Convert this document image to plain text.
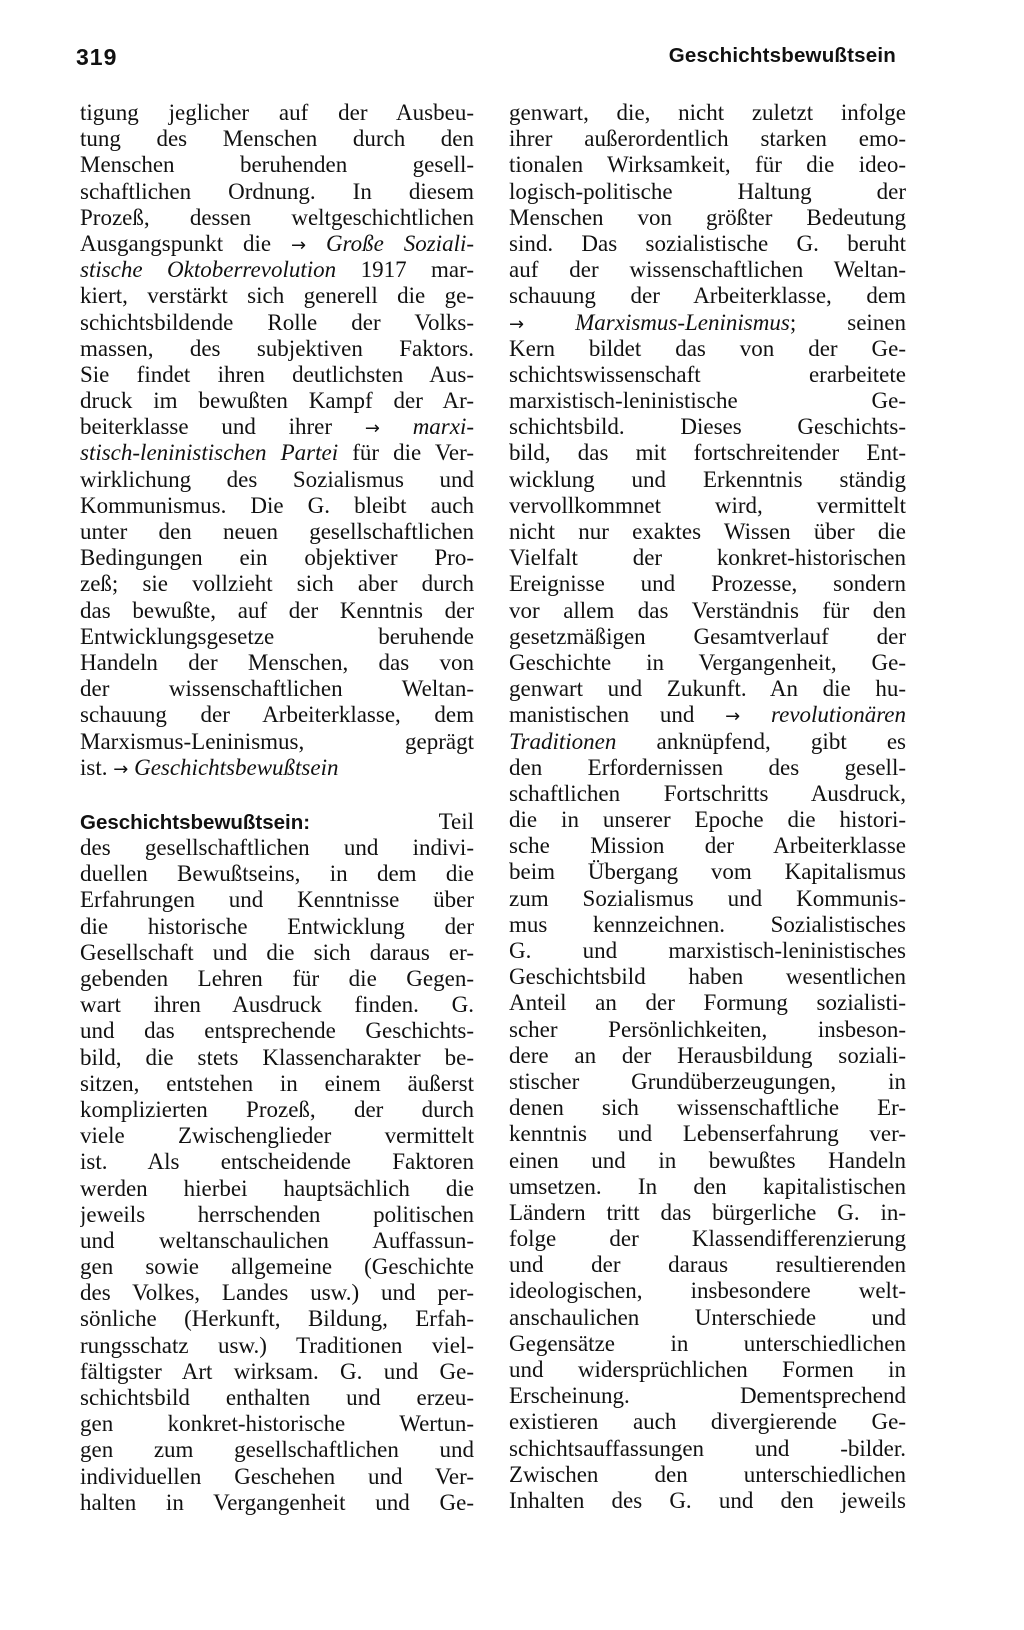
319	Geschichtsbewußtsein
tigung jeglicher auf der Ausbeu-
tung des Menschen durch den
Menschen beruhenden gesell-
schaftlichen Ordnung. In diesem
Prozeß, dessen weltgeschichtlichen
Ausgangspunkt die → Große Soziali-
stische Oktoberrevolution 1917 mar-
kiert, verstärkt sich generell die ge-
schichtsbildende Rolle der Volks-
massen, des subjektiven Faktors.
Sie findet ihren deutlichsten Aus-
druck im bewußten Kampf der Ar-
beiterklasse und ihrer → marxi-
stisch-leninistischen Partei für die Ver-
wirklichung des Sozialismus und
Kommunismus. Die G. bleibt auch
unter den neuen gesellschaftlichen
Bedingungen ein objektiver Pro-
zeß; sie vollzieht sich aber durch
das bewußte, auf der Kenntnis der
Entwicklungsgesetze beruhende
Handeln der Menschen, das von
der wissenschaftlichen Weltan-
schauung der Arbeiterklasse, dem
Marxismus-Leninismus, geprägt
ist. → Geschichtsbewußtsein
Geschichtsbewußtsein:	Teil
des gesellschaftlichen und indivi-
duellen Bewußtseins, in dem die
Erfahrungen und Kenntnisse über
die historische Entwicklung der
Gesellschaft und die sich daraus er-
gebenden Lehren für die Gegen-
wart ihren Ausdruck finden. G.
und das entsprechende Geschichts-
bild, die stets Klassencharakter be-
sitzen, entstehen in einem äußerst
komplizierten Prozeß, der durch
viele Zwischenglieder vermittelt
ist. Als entscheidende Faktoren
werden hierbei hauptsächlich die
jeweils herrschenden politischen
und weltanschaulichen Auffassun-
gen sowie allgemeine (Geschichte
des Volkes, Landes usw.) und per-
sönliche (Herkunft, Bildung, Erfah-
rungsschatz usw.) Traditionen viel-
fältigster Art wirksam. G. und Ge-
schichtsbild enthalten und erzeu-
gen konkret-historische Wertun-
gen zum gesellschaftlichen und
individuellen Geschehen und Ver-
halten in Vergangenheit und Ge-
genwart, die, nicht zuletzt infolge
ihrer außerordentlich starken emo-
tionalen Wirksamkeit, für die ideo-
logisch-politische Haltung der
Menschen von größter Bedeutung
sind. Das sozialistische G. beruht
auf der wissenschaftlichen Weltan-
schauung der Arbeiterklasse, dem
→ Marxismus-Leninismus; seinen
Kern bildet das von der Ge-
schichtswissenschaft erarbeitete
marxistisch-leninistische Ge-
schichtsbild. Dieses Geschichts-
bild, das mit fortschreitender Ent-
wicklung und Erkenntnis ständig
vervollkommnet wird, vermittelt
nicht nur exaktes Wissen über die
Vielfalt der konkret-historischen
Ereignisse und Prozesse, sondern
vor allem das Verständnis für den
gesetzmäßigen Gesamtverlauf der
Geschichte in Vergangenheit, Ge-
genwart und Zukunft. An die hu-
manistischen und → revolutionären
Traditionen anknüpfend, gibt es
den Erfordernissen des gesell-
schaftlichen Fortschritts Ausdruck,
die in unserer Epoche die histori-
sche Mission der Arbeiterklasse
beim Übergang vom Kapitalismus
zum Sozialismus und Kommunis-
mus kennzeichnen. Sozialistisches
G. und marxistisch-leninistisches
Geschichtsbild haben wesentlichen
Anteil an der Formung sozialisti-
scher Persönlichkeiten, insbeson-
dere an der Herausbildung soziali-
stischer Grundüberzeugungen, in
denen sich wissenschaftliche Er-
kenntnis und Lebenserfahrung ver-
einen und in bewußtes Handeln
umsetzen. In den kapitalistischen
Ländern tritt das bürgerliche G. in-
folge der Klassendifferenzierung
und der daraus resultierenden
ideologischen, insbesondere welt-
anschaulichen Unterschiede und
Gegensätze in unterschiedlichen
und widersprüchlichen Formen in
Erscheinung. Dementsprechend
existieren auch divergierende Ge-
schichtsauffassungen und -bilder.
Zwischen den unterschiedlichen
Inhalten des G. und den jeweils
